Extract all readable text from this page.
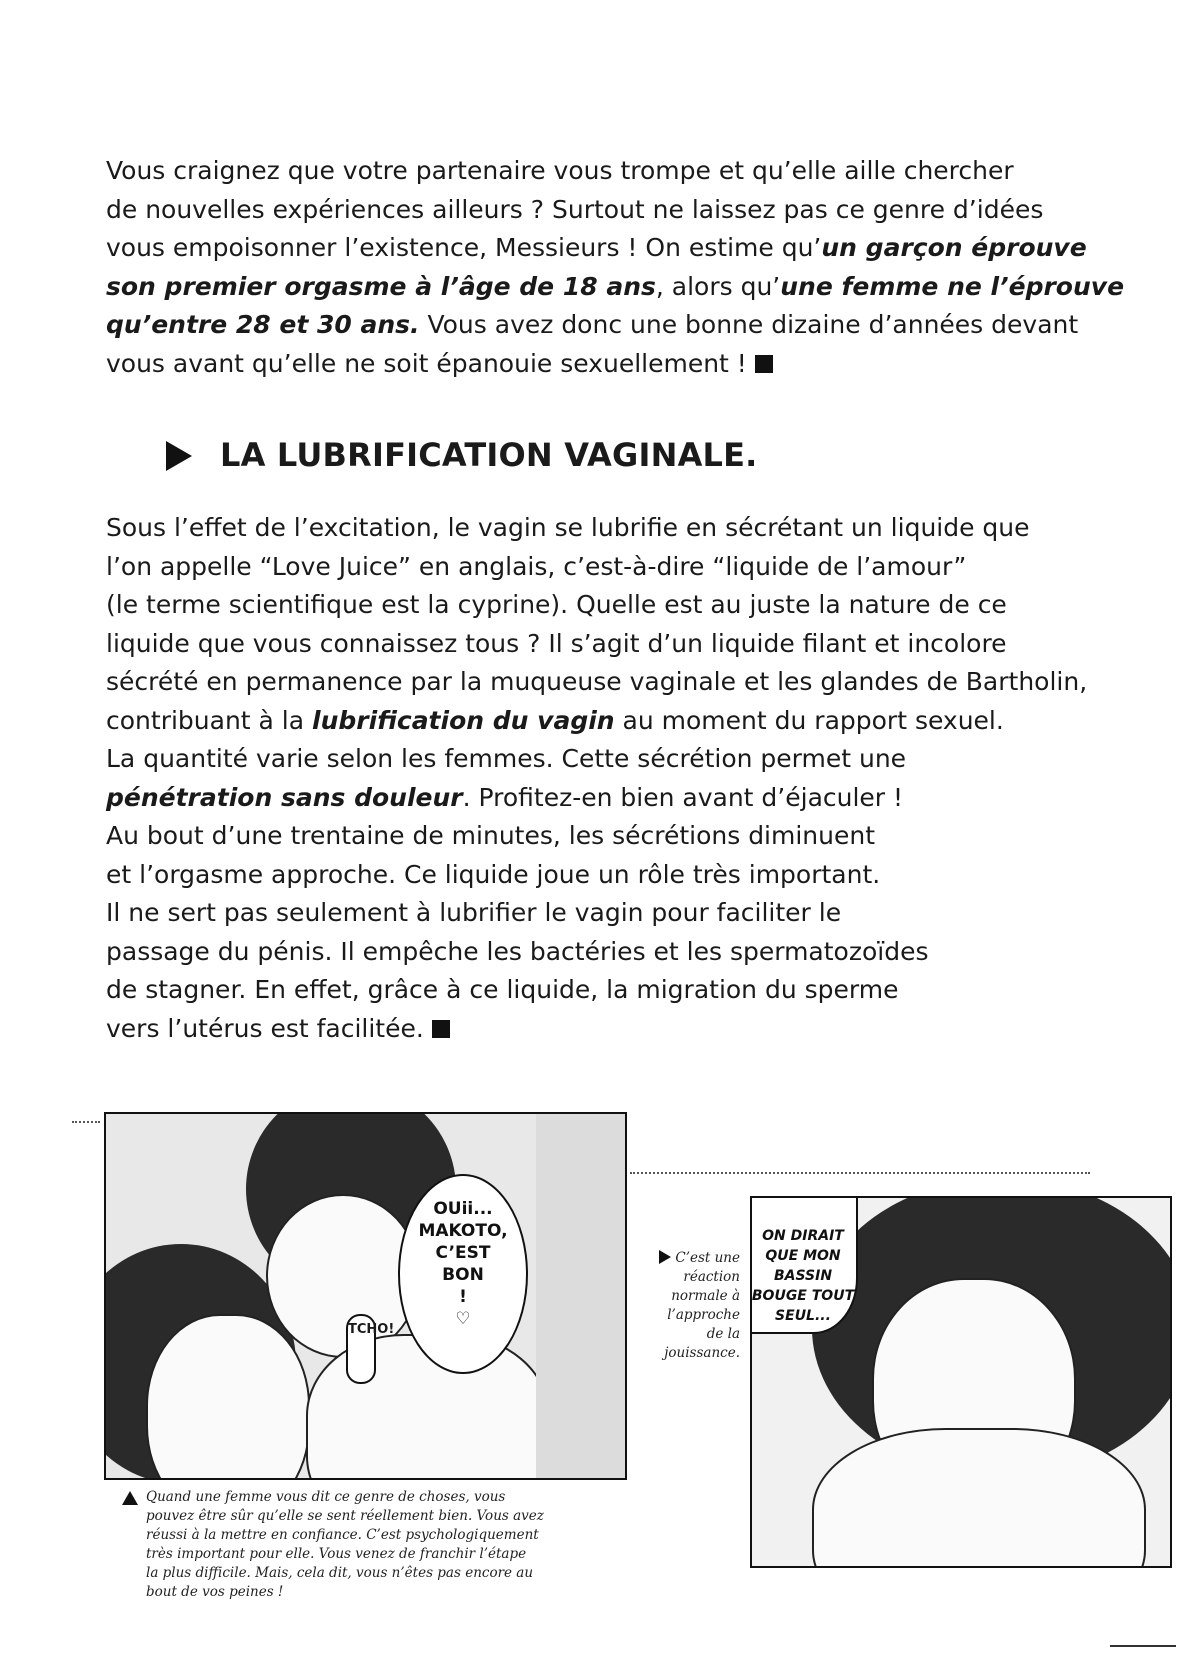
Vous craignez que votre partenaire vous trompe et qu’elle aille chercher
de nouvelles expériences ailleurs ? Surtout ne laissez pas ce genre d’idées
vous empoisonner l’existence, Messieurs ! On estime qu’un garçon éprouve
son premier orgasme à l’âge de 18 ans, alors qu’une femme ne l’éprouve
qu’entre 28 et 30 ans. Vous avez donc une bonne dizaine d’années devant
vous avant qu’elle ne soit épanouie sexuellement !
LA LUBRIFICATION VAGINALE.
Sous l’effet de l’excitation, le vagin se lubrifie en sécrétant un liquide que
l’on appelle “Love Juice” en anglais, c’est-à-dire “liquide de l’amour”
(le terme scientifique est la cyprine). Quelle est au juste la nature de ce
liquide que vous connaissez tous ? Il s’agit d’un liquide filant et incolore
sécrété en permanence par la muqueuse vaginale et les glandes de Bartholin,
contribuant à la lubrification du vagin au moment du rapport sexuel.
La quantité varie selon les femmes. Cette sécrétion permet une
pénétration sans douleur. Profitez-en bien avant d’éjaculer !
Au bout d’une trentaine de minutes, les sécrétions diminuent
et l’orgasme approche. Ce liquide joue un rôle très important.
Il ne sert pas seulement à lubrifier le vagin pour faciliter le
passage du pénis. Il empêche les bactéries et les spermatozoïdes
de stagner. En effet, grâce à ce liquide, la migration du sperme
vers l’utérus est facilitée.
OUii...
MAKOTO,
C’EST
BON
!
♡
TCHO!
Quand une femme vous dit ce genre de choses, vous
pouvez être sûr qu’elle se sent réellement bien. Vous avez
réussi à la mettre en confiance. C’est psychologiquement
très important pour elle. Vous venez de franchir l’étape
la plus difficile. Mais, cela dit, vous n’êtes pas encore au
bout de vos peines !
C’est une
réaction
normale à
l’approche
de la
jouissance.
ON DIRAIT
QUE MON
BASSIN
BOUGE TOUT
SEUL...
